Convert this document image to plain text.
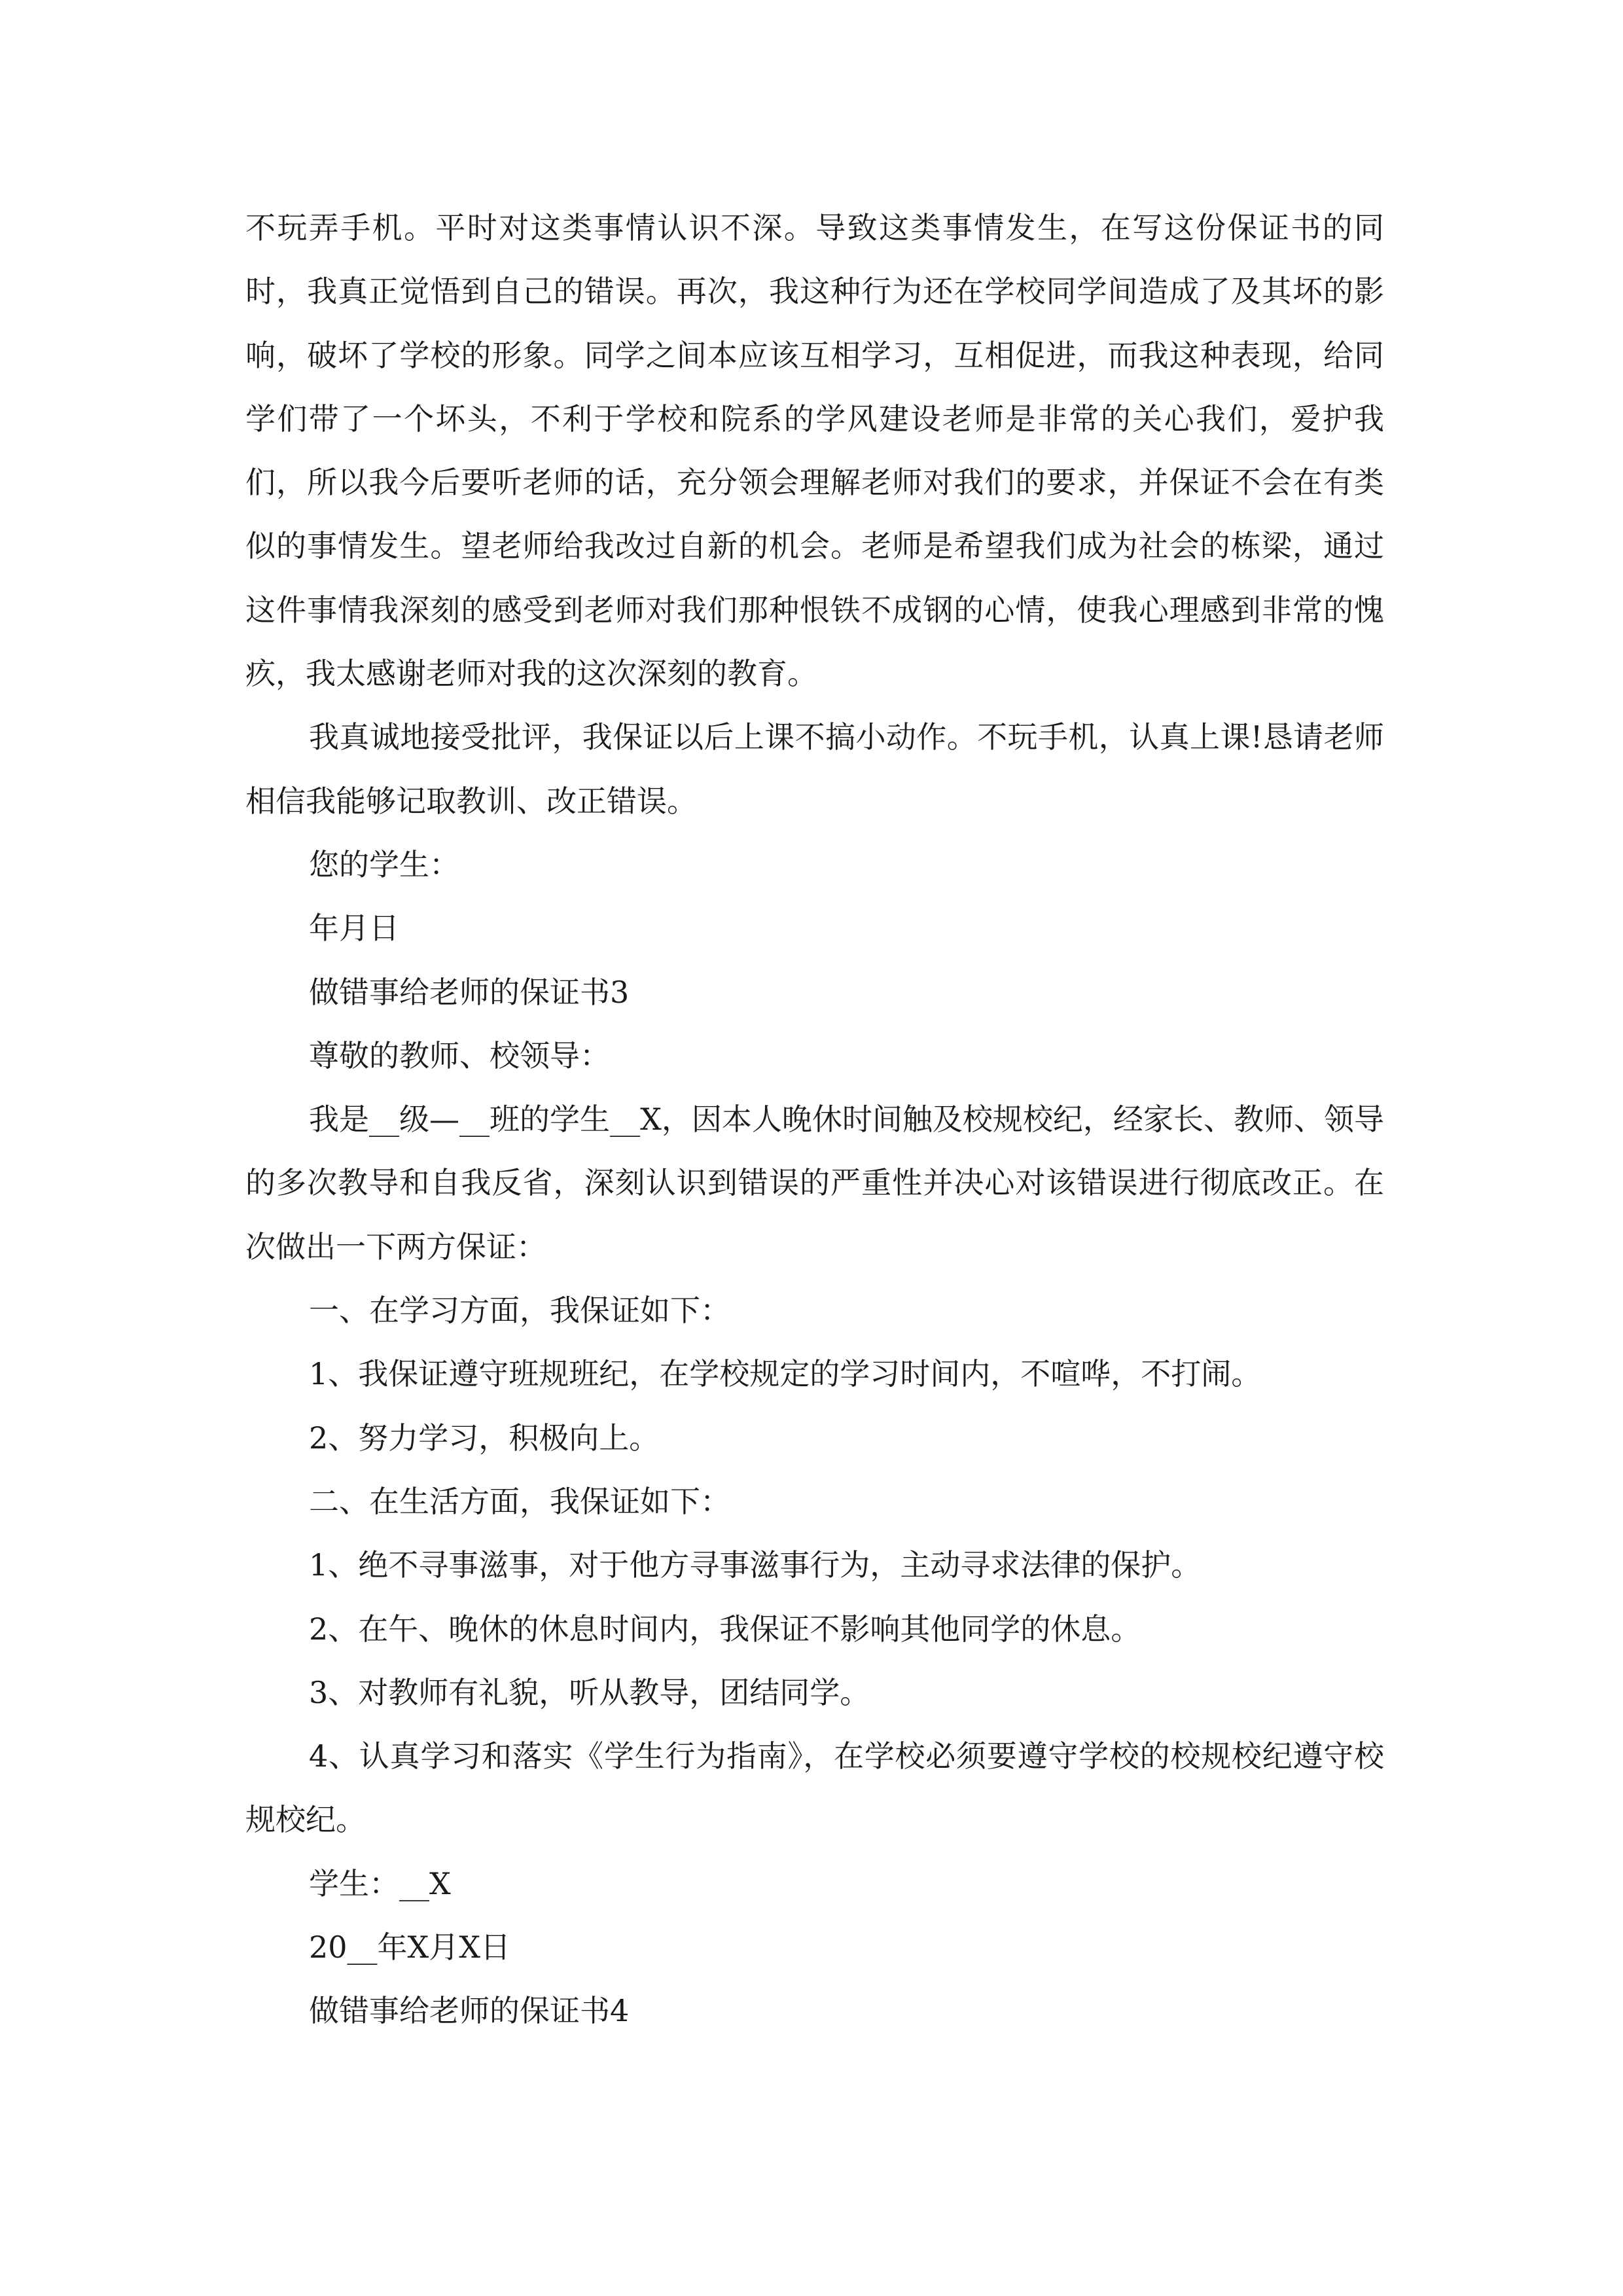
不玩弄手机。平时对这类事情认识不深。导致这类事情发生，在写这份保证书的同时，我真正觉悟到自己的错误。再次，我这种行为还在学校同学间造成了及其坏的影响，破坏了学校的形象。同学之间本应该互相学习，互相促进，而我这种表现，给同学们带了一个坏头，不利于学校和院系的学风建设老师是非常的关心我们，爱护我们，所以我今后要听老师的话，充分领会理解老师对我们的要求，并保证不会在有类似的事情发生。望老师给我改过自新的机会。老师是希望我们成为社会的栋梁，通过这件事情我深刻的感受到老师对我们那种恨铁不成钢的心情，使我心理感到非常的愧疚，我太感谢老师对我的这次深刻的教育。

我真诚地接受批评，我保证以后上课不搞小动作。不玩手机，认真上课!恳请老师相信我能够记取教训、改正错误。

您的学生：

年月日

做错事给老师的保证书3

尊敬的教师、校领导：

我是__级—__班的学生__X，因本人晚休时间触及校规校纪，经家长、教师、领导的多次教导和自我反省，深刻认识到错误的严重性并决心对该错误进行彻底改正。在次做出一下两方保证：

一、在学习方面，我保证如下：

1、我保证遵守班规班纪，在学校规定的学习时间内，不喧哗，不打闹。

2、努力学习，积极向上。

二、在生活方面，我保证如下：

1、绝不寻事滋事，对于他方寻事滋事行为，主动寻求法律的保护。

2、在午、晚休的休息时间内，我保证不影响其他同学的休息。

3、对教师有礼貌，听从教导，团结同学。

4、认真学习和落实《学生行为指南》，在学校必须要遵守学校的校规校纪遵守校规校纪。

学生：__X

20__年X月X日

做错事给老师的保证书4
